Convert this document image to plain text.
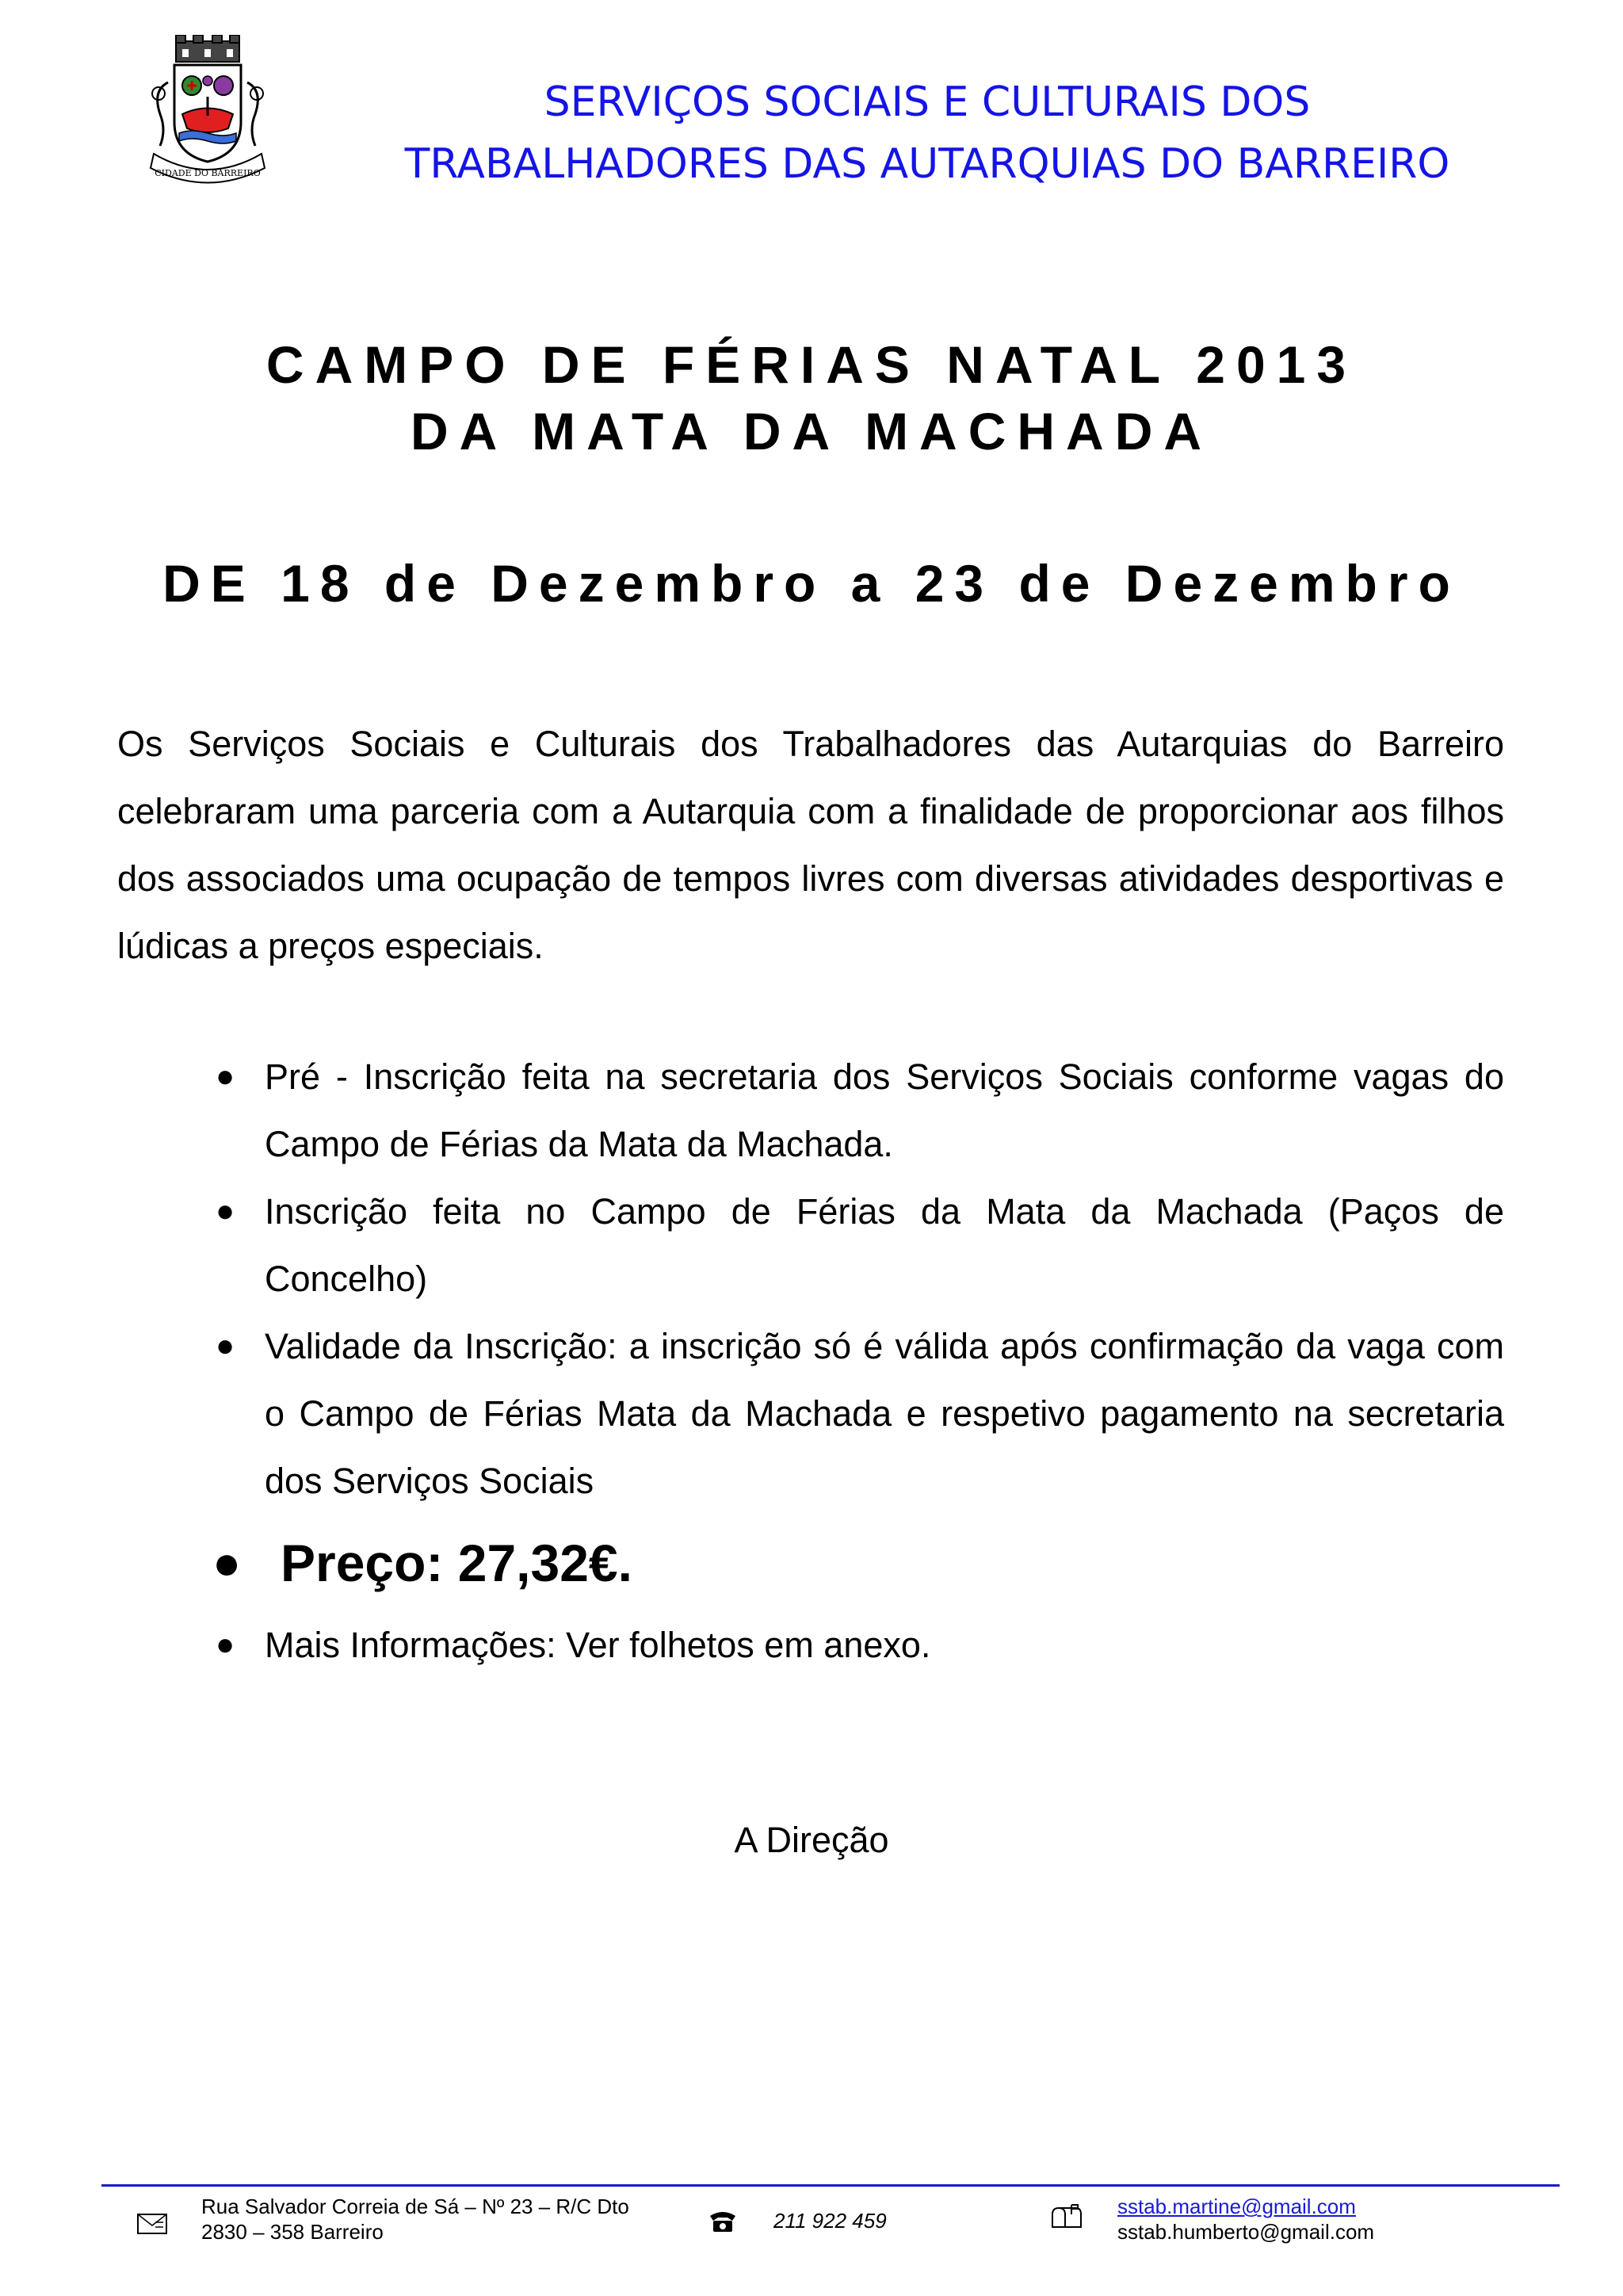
CIDADE DO BARREIRO
SERVIÇOS SOCIAIS E CULTURAIS DOS
TRABALHADORES DAS AUTARQUIAS DO BARREIRO
CAMPO DE FÉRIAS NATAL 2013
DA MATA DA MACHADA
DE 18 de Dezembro a 23 de Dezembro
Os Serviços Sociais e Culturais dos Trabalhadores das Autarquias do Barreiro celebraram uma parceria com a Autarquia com a finalidade de proporcionar aos filhos dos associados uma ocupação de tempos livres com diversas atividades desportivas e lúdicas a preços especiais.
● Pré - Inscrição feita na secretaria dos Serviços Sociais conforme vagas do Campo de Férias da Mata da Machada.
● Inscrição feita no Campo de Férias da Mata da Machada (Paços de Concelho)
● Validade da Inscrição: a inscrição só é válida após confirmação da vaga com o Campo de Férias Mata da Machada e respetivo pagamento na secretaria dos Serviços Sociais
● Preço: 27,32€.
● Mais Informações: Ver folhetos em anexo.
A Direção
Rua Salvador Correia de Sá – Nº 23 – R/C Dto
2830 – 358 Barreiro	211 922 459
sstab.martine@gmail.com
sstab.humberto@gmail.com
